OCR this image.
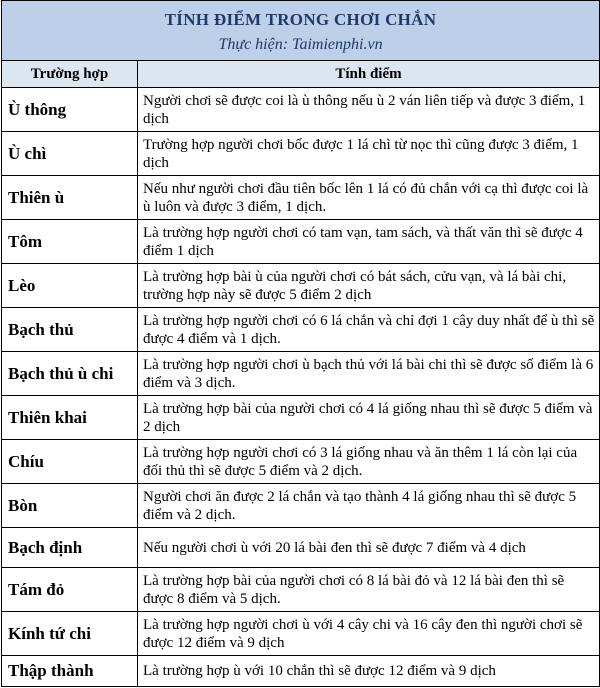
TÍNH ĐIỂM TRONG CHƠI CHẮN
Thực hiện: Taimienphi.vn	

Trường hợp	Tính điểm
Ù thông	Người chơi sẽ được coi là ù thông nếu ù 2 ván liên tiếp và được 3 điểm, 1 dịch
Ù chì	Trường hợp người chơi bốc được 1 lá chì từ nọc thì cũng được 3 điểm, 1 dịch
Thiên ù	Nếu như người chơi đầu tiên bốc lên 1 lá có đủ chắn với cạ thì được coi là ù luôn và được 3 điểm, 1 dịch.
Tôm	Là trường hợp người chơi có tam vạn, tam sách, và thất văn thì sẽ được 4 điểm 1 dịch
Lèo	Là trường hợp bài ù của người chơi có bát sách, cửu vạn, và lá bài chi, trường hợp này sẽ được 5 điểm 2 dịch
Bạch thủ	Là trường hợp người chơi có 6 lá chắn và chỉ đợi 1 cây duy nhất để ù thì sẽ được 4 điểm và 1 dịch.
Bạch thủ ù chi	Là trường hợp người chơi ù bạch thủ với lá bài chi thì sẽ được số điểm là 6 điểm và 3 dịch.
Thiên khai	Là trường hợp bài của người chơi có 4 lá giống nhau thì sẽ được 5 điểm và 2 dịch
Chíu	Là trường hợp người chơi có 3 lá giống nhau và ăn thêm 1 lá còn lại của đối thủ thì sẽ được 5 điểm và 2 dịch.
Bòn	Người chơi ăn được 2 lá chắn và tạo thành 4 lá giống nhau thì sẽ được 5 điểm và 2 dịch.
Bạch định	Nếu người chơi ù với 20 lá bài đen thì sẽ được 7 điểm và 4 dịch
Tám đỏ	Là trường hợp bài của người chơi có 8 lá bài đỏ và 12 lá bài đen thì sẽ được 8 điểm và 5 dịch.
Kính tứ chi	Là trường hợp người chơi ù với 4 cây chi và 16 cây đen thì người chơi sẽ được 12 điểm và 9 dịch
Thập thành	Là trường hợp ù với 10 chắn thì sẽ được 12 điểm và 9 dịch
